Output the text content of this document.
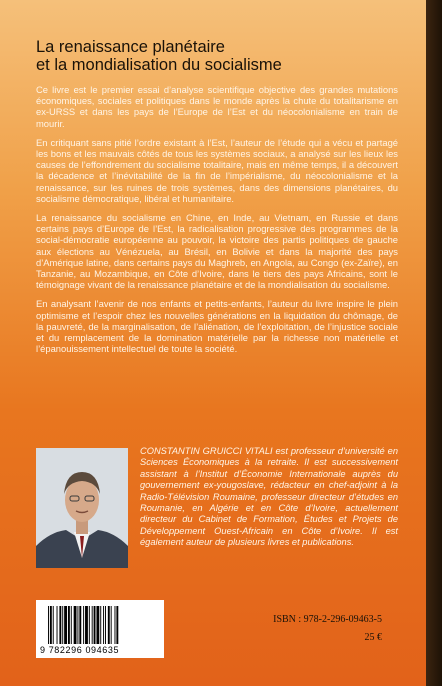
La renaissance planétaire
et la mondialisation du socialisme

Ce livre est le premier essai d’analyse scientifique objective des grandes mutations économiques, sociales et politiques dans le monde après la chute du totalitarisme en ex-URSS et dans les pays de l’Europe de l’Est et du néocolonialisme en train de mourir.

En critiquant sans pitié l’ordre existant à l’Est, l’auteur de l’étude qui a vécu et partagé les bons et les mauvais côtés de tous les systèmes sociaux, a analysé sur les lieux les causes de l’effondrement du socialisme totalitaire, mais en même temps, il a découvert la décadence et l’inévitabilité de la fin de l’impérialisme, du néocolonialisme et la renaissance, sur les ruines de trois systèmes, dans des dimensions planétaires, du socialisme démocratique, libéral et humanitaire.

La renaissance du socialisme en Chine, en Inde, au Vietnam, en Russie et dans certains pays d’Europe de l’Est, la radicalisation progressive des programmes de la social-démocratie européenne au pouvoir, la victoire des partis politiques de gauche aux élections au Vénézuela, au Brésil, en Bolivie et dans la majorité des pays d’Amérique latine, dans certains pays du Maghreb, en Angola, au Congo (ex-Zaïre), en Tanzanie, au Mozambique, en Côte d’Ivoire, dans le tiers des pays Africains, sont le témoignage vivant de la renaissance planétaire et de la mondialisation du socialisme.

En analysant l’avenir de nos enfants et petits-enfants, l’auteur du livre inspire le plein optimisme et l’espoir chez les nouvelles générations en la liquidation du chômage, de la pauvreté, de la marginalisation, de l’aliénation, de l’exploitation, de l’injustice sociale et du remplacement de la domination matérielle par la richesse non matérielle et l’épanouissement intellectuel de toute la société.

CONSTANTIN GRUICCI VITALI est professeur d’université en Sciences Économiques à la retraite. Il est successivement assistant à l’Institut d’Économie Internationale auprès du gouvernement ex-yougoslave, rédacteur en chef-adjoint à la Radio-Télévision Roumaine, professeur directeur d’études en Roumanie, en Algérie et en Côte d’Ivoire, actuellement directeur du Cabinet de Formation, Études et Projets de Développement Ouest-Africain en Côte d’Ivoire. Il est également auteur de plusieurs livres et publications.
9 782296 094635
ISBN : 978-2-296-09463-5
25 €
